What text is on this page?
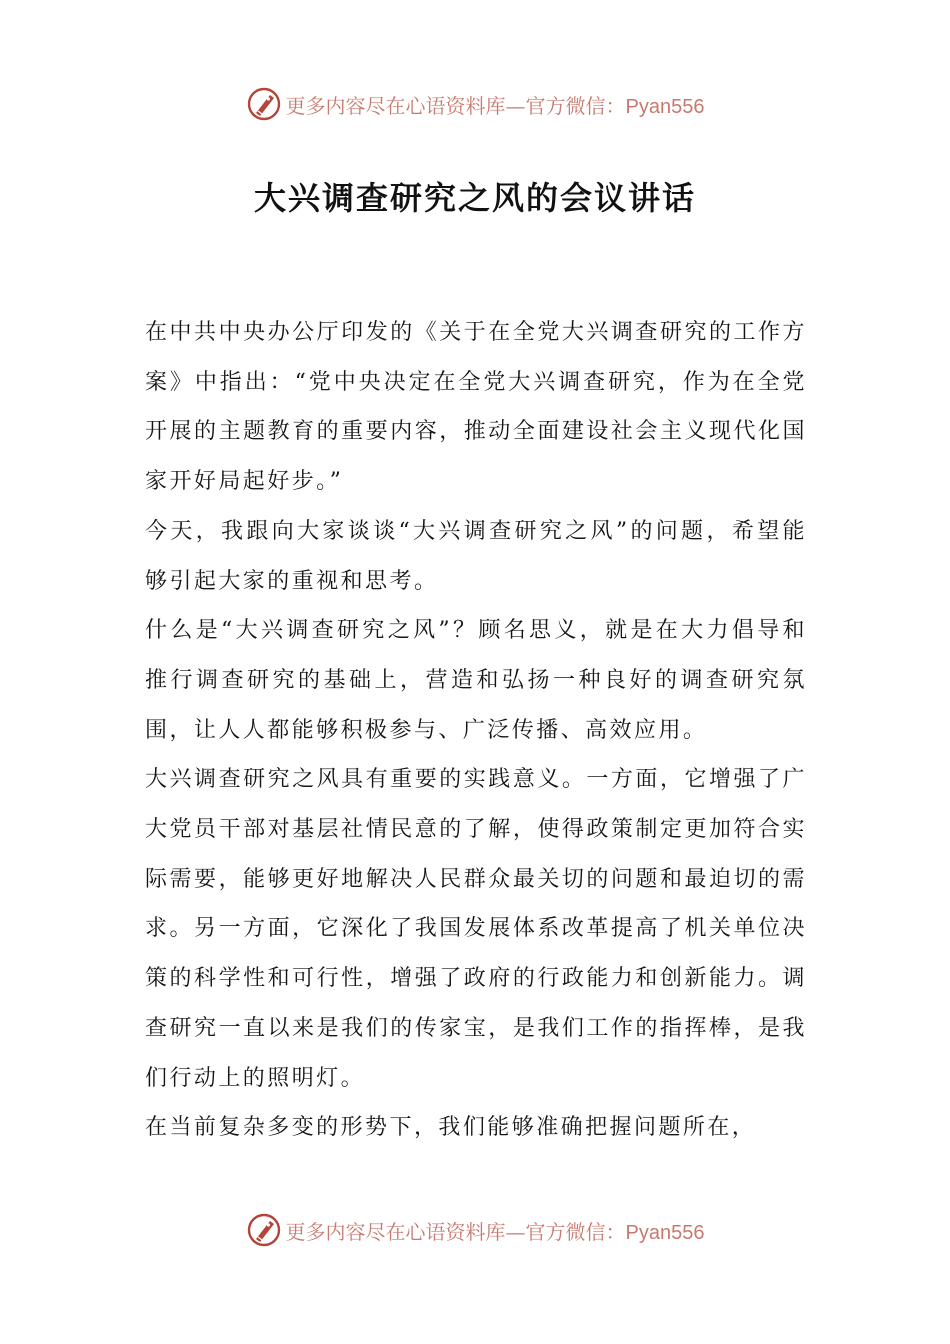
更多内容尽在心语资料库—官方微信：Pyan556
大兴调查研究之风的会议讲话

在中共中央办公厅印发的《关于在全党大兴调查研究的工作方案》中指出：“党中央决定在全党大兴调查研究，作为在全党开展的主题教育的重要内容，推动全面建设社会主义现代化国家开好局起好步。”

今天，我跟向大家谈谈“大兴调查研究之风”的问题，希望能够引起大家的重视和思考。

什么是“大兴调查研究之风”？顾名思义，就是在大力倡导和推行调查研究的基础上，营造和弘扬一种良好的调查研究氛围，让人人都能够积极参与、广泛传播、高效应用。

大兴调查研究之风具有重要的实践意义。一方面，它增强了广大党员干部对基层社情民意的了解，使得政策制定更加符合实际需要，能够更好地解决人民群众最关切的问题和最迫切的需求。另一方面，它深化了我国发展体系改革提高了机关单位决策的科学性和可行性，增强了政府的行政能力和创新能力。调查研究一直以来是我们的传家宝，是我们工作的指挥棒，是我们行动上的照明灯。

在当前复杂多变的形势下，我们能够准确把握问题所在，

更多内容尽在心语资料库—官方微信：Pyan556
